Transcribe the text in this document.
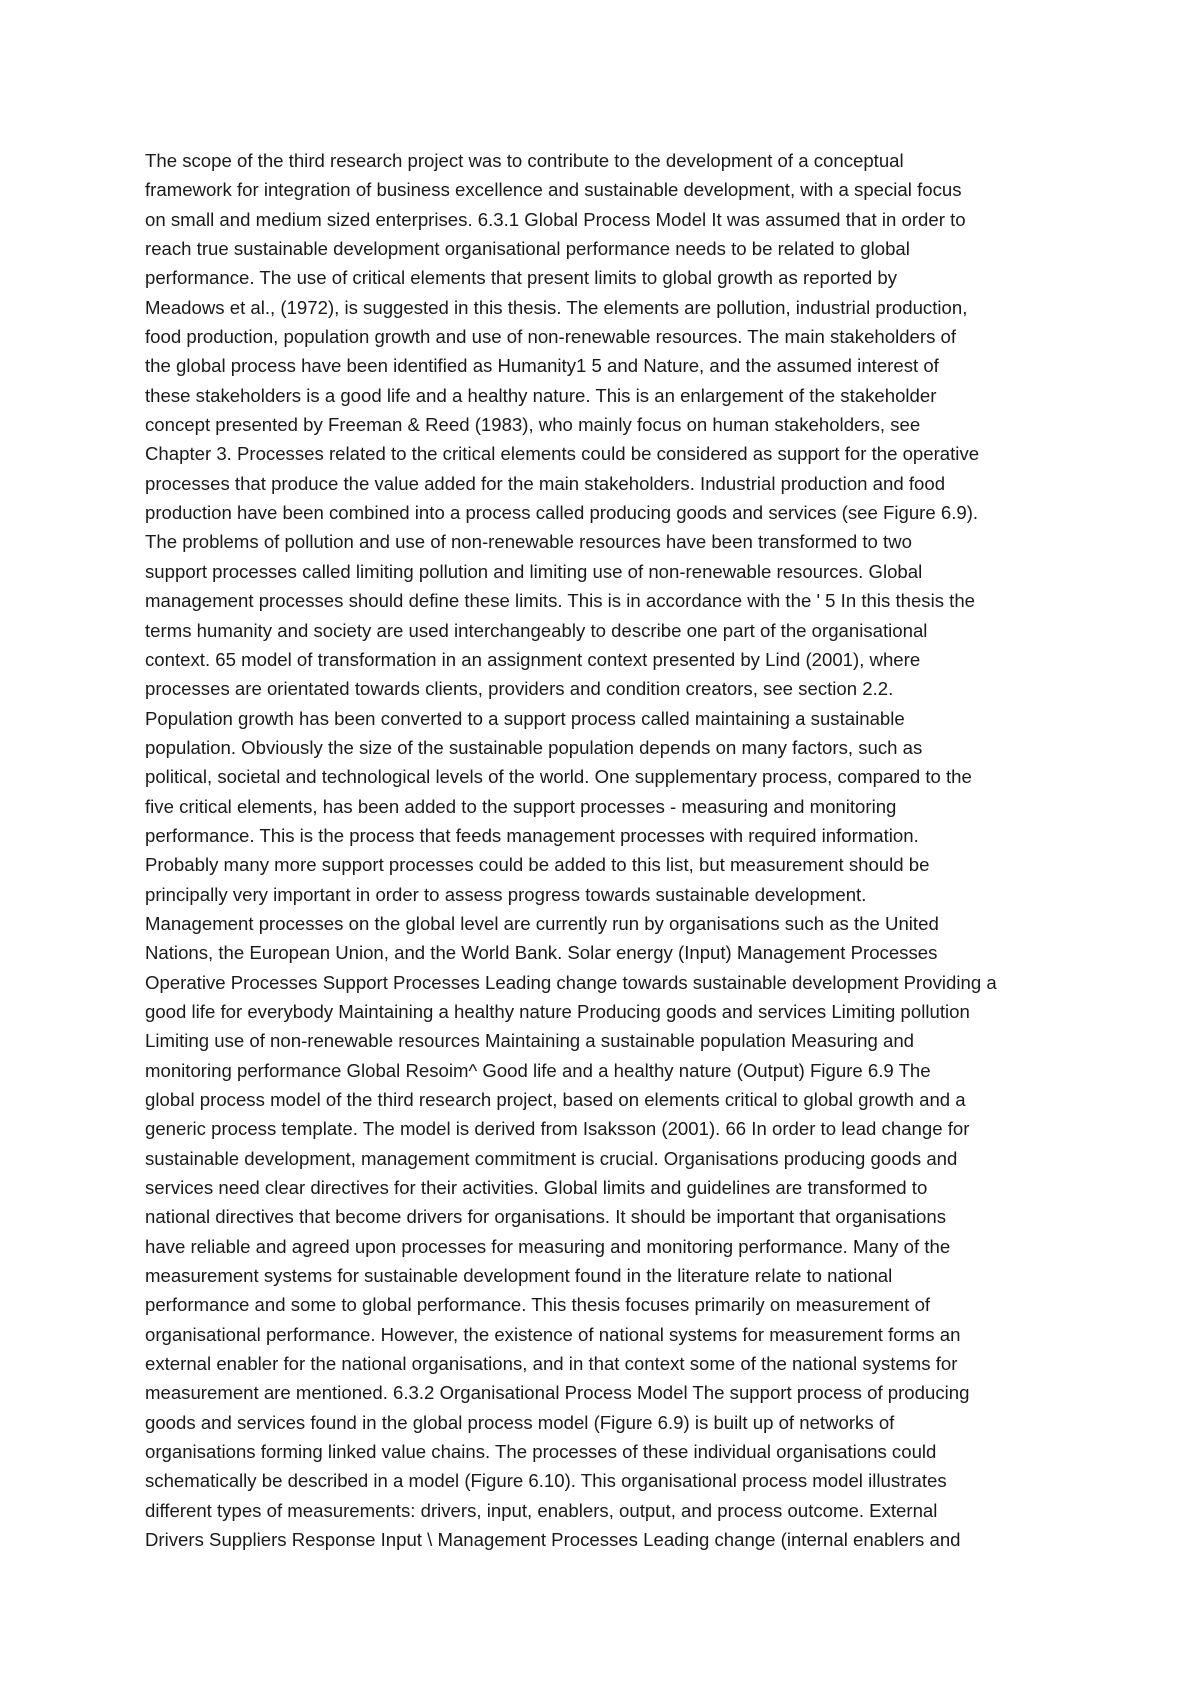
The scope of the third research project was to contribute to the development of a conceptual
framework for integration of business excellence and sustainable development, with a special focus
on small and medium sized enterprises. 6.3.1 Global Process Model It was assumed that in order to
reach true sustainable development organisational performance needs to be related to global
performance. The use of critical elements that present limits to global growth as reported by
Meadows et al., (1972), is suggested in this thesis. The elements are pollution, industrial production,
food production, population growth and use of non-renewable resources. The main stakeholders of
the global process have been identified as Humanity1 5 and Nature, and the assumed interest of
these stakeholders is a good life and a healthy nature. This is an enlargement of the stakeholder
concept presented by Freeman & Reed (1983), who mainly focus on human stakeholders, see
Chapter 3. Processes related to the critical elements could be considered as support for the operative
processes that produce the value added for the main stakeholders. Industrial production and food
production have been combined into a process called producing goods and services (see Figure 6.9).
The problems of pollution and use of non-renewable resources have been transformed to two
support processes called limiting pollution and limiting use of non-renewable resources. Global
management processes should define these limits. This is in accordance with the ' 5 In this thesis the
terms humanity and society are used interchangeably to describe one part of the organisational
context. 65 model of transformation in an assignment context presented by Lind (2001), where
processes are orientated towards clients, providers and condition creators, see section 2.2.
Population growth has been converted to a support process called maintaining a sustainable
population. Obviously the size of the sustainable population depends on many factors, such as
political, societal and technological levels of the world. One supplementary process, compared to the
five critical elements, has been added to the support processes - measuring and monitoring
performance. This is the process that feeds management processes with required information.
Probably many more support processes could be added to this list, but measurement should be
principally very important in order to assess progress towards sustainable development.
Management processes on the global level are currently run by organisations such as the United
Nations, the European Union, and the World Bank. Solar energy (Input) Management Processes
Operative Processes Support Processes Leading change towards sustainable development Providing a
good life for everybody Maintaining a healthy nature Producing goods and services Limiting pollution
Limiting use of non-renewable resources Maintaining a sustainable population Measuring and
monitoring performance Global Resoim^ Good life and a healthy nature (Output) Figure 6.9 The
global process model of the third research project, based on elements critical to global growth and a
generic process template. The model is derived from Isaksson (2001). 66 In order to lead change for
sustainable development, management commitment is crucial. Organisations producing goods and
services need clear directives for their activities. Global limits and guidelines are transformed to
national directives that become drivers for organisations. It should be important that organisations
have reliable and agreed upon processes for measuring and monitoring performance. Many of the
measurement systems for sustainable development found in the literature relate to national
performance and some to global performance. This thesis focuses primarily on measurement of
organisational performance. However, the existence of national systems for measurement forms an
external enabler for the national organisations, and in that context some of the national systems for
measurement are mentioned. 6.3.2 Organisational Process Model The support process of producing
goods and services found in the global process model (Figure 6.9) is built up of networks of
organisations forming linked value chains. The processes of these individual organisations could
schematically be described in a model (Figure 6.10). This organisational process model illustrates
different types of measurements: drivers, input, enablers, output, and process outcome. External
Drivers Suppliers Response Input \ Management Processes Leading change (internal enablers and
